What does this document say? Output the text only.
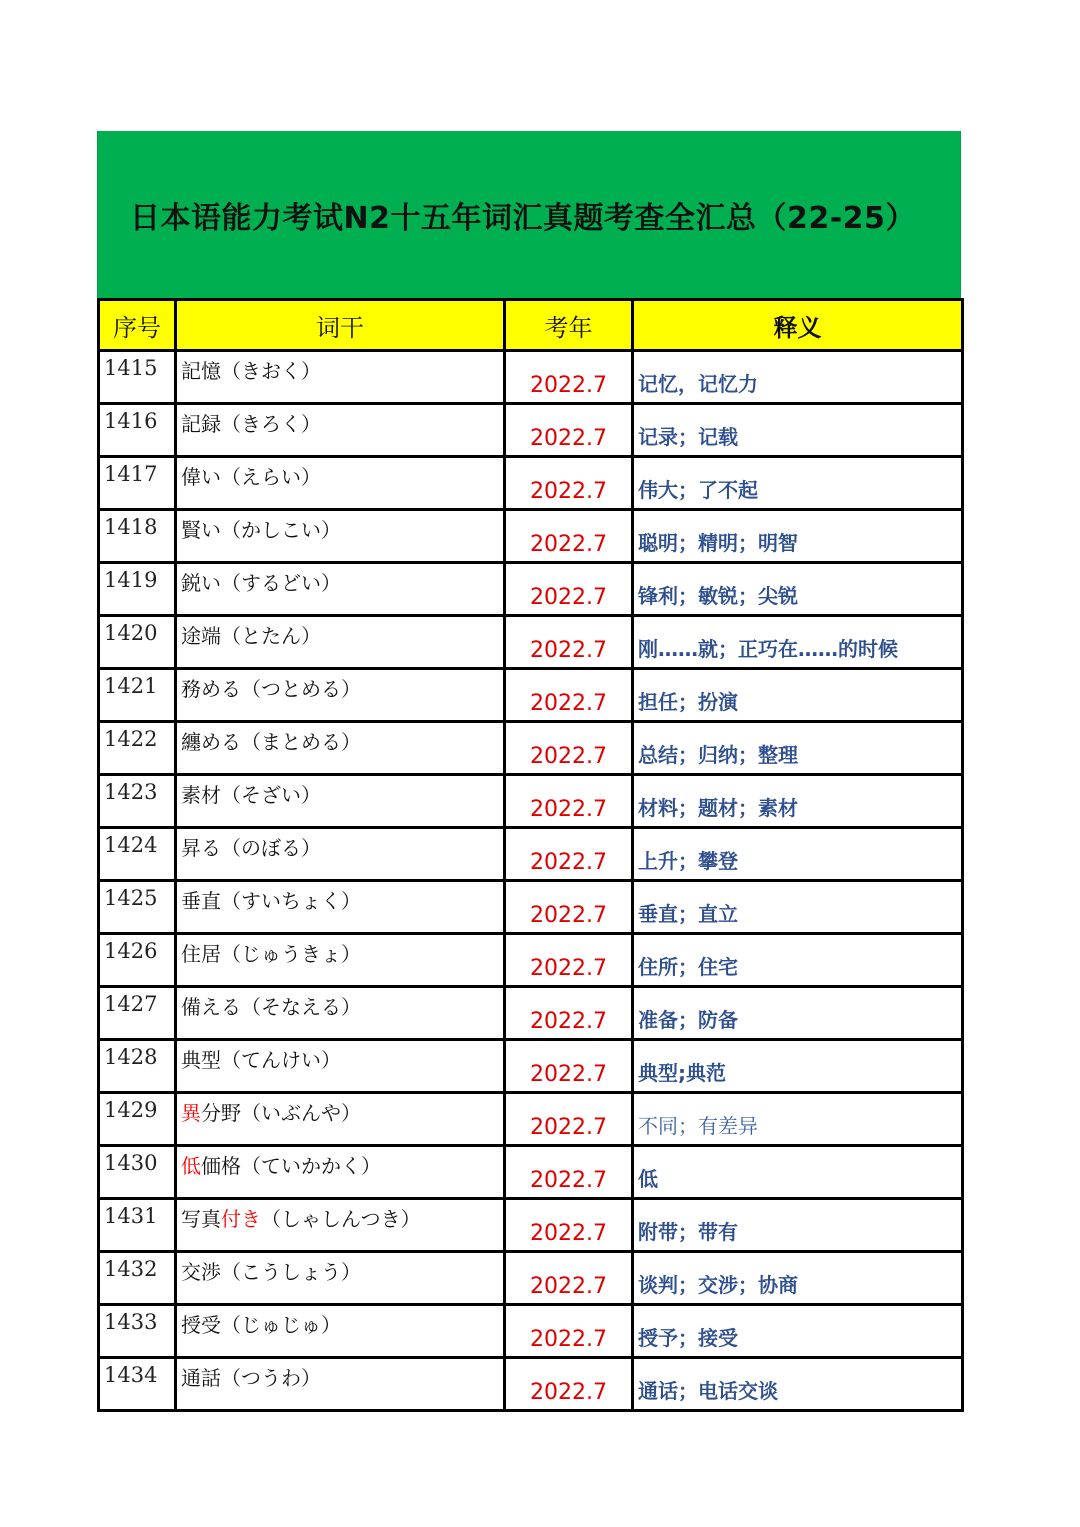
日本语能力考试N2十五年词汇真题考查全汇总（22-25）
序号	词干	考年	释义
1415	記憶（きおく）	2022.7	记忆，记忆力
1416	記録（きろく）	2022.7	记录；记载
1417	偉い（えらい）	2022.7	伟大；了不起
1418	賢い（かしこい）	2022.7	聪明；精明；明智
1419	鋭い（するどい）	2022.7	锋利；敏锐；尖锐
1420	途端（とたん）	2022.7	刚……就；正巧在……的时候
1421	務める（つとめる）	2022.7	担任；扮演
1422	纏める（まとめる）	2022.7	总结；归纳；整理
1423	素材（そざい）	2022.7	材料；题材；素材
1424	昇る（のぼる）	2022.7	上升；攀登
1425	垂直（すいちょく）	2022.7	垂直；直立
1426	住居（じゅうきょ）	2022.7	住所；住宅
1427	備える（そなえる）	2022.7	准备；防备
1428	典型（てんけい）	2022.7	典型;典范
1429	異分野（いぶんや）	2022.7	不同；有差异
1430	低価格（ていかかく）	2022.7	低
1431	写真付き（しゃしんつき）	2022.7	附带；带有
1432	交渉（こうしょう）	2022.7	谈判；交涉；协商
1433	授受（じゅじゅ）	2022.7	授予；接受
1434	通話（つうわ）	2022.7	通话；电话交谈
